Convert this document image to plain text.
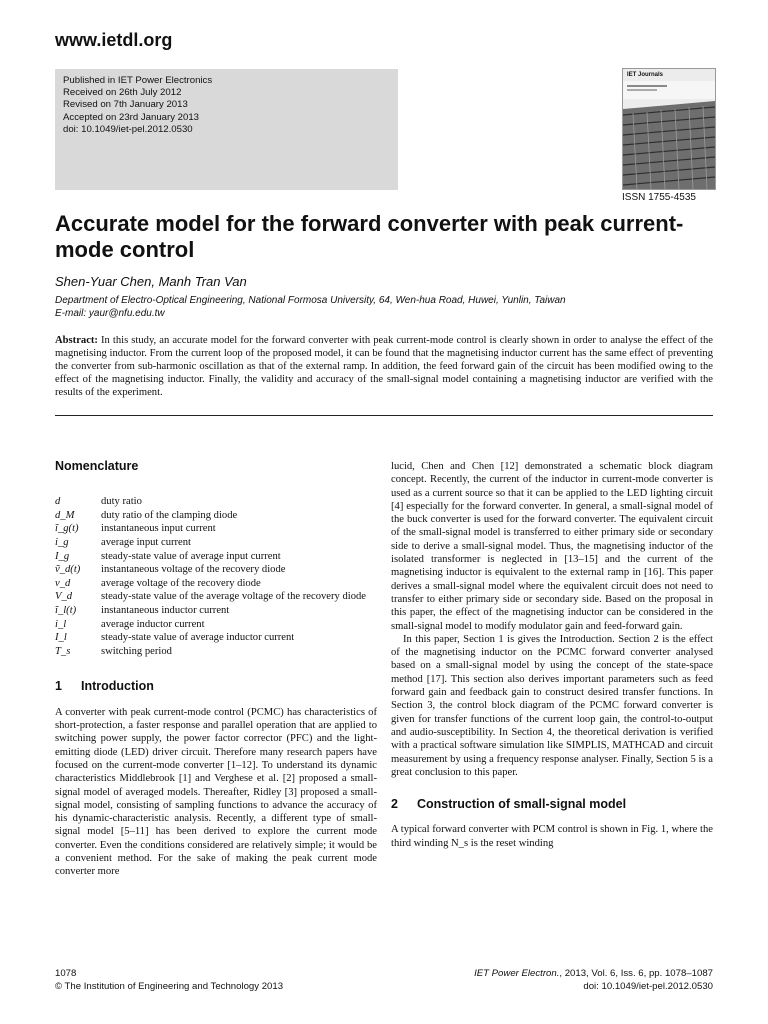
www.ietdl.org
Published in IET Power Electronics
Received on 26th July 2012
Revised on 7th January 2013
Accepted on 23rd January 2013
doi: 10.1049/iet-pel.2012.0530
IET Journals
ISSN 1755-4535
Accurate model for the forward converter with peak current-mode control
Shen-Yuar Chen, Manh Tran Van
Department of Electro-Optical Engineering, National Formosa University, 64, Wen-hua Road, Huwei, Yunlin, Taiwan
E-mail: yaur@nfu.edu.tw

Abstract: In this study, an accurate model for the forward converter with peak current-mode control is clearly shown in order to analyse the effect of the magnetising inductor. From the current loop of the proposed model, it can be found that the magnetising inductor current has the same effect of preventing the converter from sub-harmonic oscillation as that of the external ramp. In addition, the feed forward gain of the circuit has been modified owing to the effect of the magnetising inductor. Finally, the validity and accuracy of the small-signal model containing a magnetising inductor are verified with the results of the experiment.

Nomenclature
d	duty ratio
d_M	duty ratio of the clamping diode
ĩ_g(t)	instantaneous input current
i_g	average input current
I_g	steady-state value of average input current
ṽ_d(t)	instantaneous voltage of the recovery diode
v_d	average voltage of the recovery diode
V_d	steady-state value of the average voltage of the recovery diode
ĩ_l(t)	instantaneous inductor current
i_l	average inductor current
I_l	steady-state value of average inductor current
T_s	switching period
1 Introduction

A converter with peak current-mode control (PCMC) has characteristics of short-protection, a faster response and parallel operation that are applied to switching power supply, the power factor corrector (PFC) and the light-emitting diode (LED) driver circuit. Therefore many research papers have focused on the current-mode converter [1–12]. To understand its dynamic characteristics Middlebrook [1] and Verghese et al. [2] proposed a small-signal model of averaged models. Thereafter, Ridley [3] proposed a small-signal model, consisting of sampling functions to advance the accuracy of his dynamic-characteristic analysis. Recently, a different type of small-signal model [5–11] has been derived to explore the current mode converter. Even the conditions considered are relatively simple; it would be a convenient method. For the sake of making the peak current mode converter more

lucid, Chen and Chen [12] demonstrated a schematic block diagram concept. Recently, the current of the inductor in current-mode converter is used as a current source so that it can be applied to the LED lighting circuit [4] especially for the forward converter. In general, a small-signal model of the buck converter is used for the forward converter. The equivalent circuit of the small-signal model is transferred to either primary side or secondary side to derive a small-signal model. Thus, the magnetising inductor of the isolated transformer is neglected in [13–15] and the current of the magnetising inductor is equivalent to the external ramp in [16]. This paper derives a small-signal model where the equivalent circuit does not need to transfer to either primary side or secondary side. Based on the proposal in this paper, the effect of the magnetising inductor can be considered in the small-signal model to modify modulator gain and feed-forward gain.

In this paper, Section 1 is gives the Introduction. Section 2 is the effect of the magnetising inductor on the PCMC forward converter analysed based on a small-signal model by using the concept of the state-space method [17]. This section also derives important parameters such as feed forward gain and feedback gain to construct desired transfer functions. In Section 3, the control block diagram of the PCMC forward converter is given for transfer functions of the current loop gain, the control-to-output and audio-susceptibility. In Section 4, the theoretical derivation is verified with a practical software simulation like SIMPLIS, MATHCAD and circuit measurement by using a frequency response analyser. Finally, Section 5 is a great conclusion to this paper.

2 Construction of small-signal model

A typical forward converter with PCM control is shown in Fig. 1, where the third winding N_s is the reset winding

1078
© The Institution of Engineering and Technology 2013
IET Power Electron., 2013, Vol. 6, Iss. 6, pp. 1078–1087
doi: 10.1049/iet-pel.2012.0530
